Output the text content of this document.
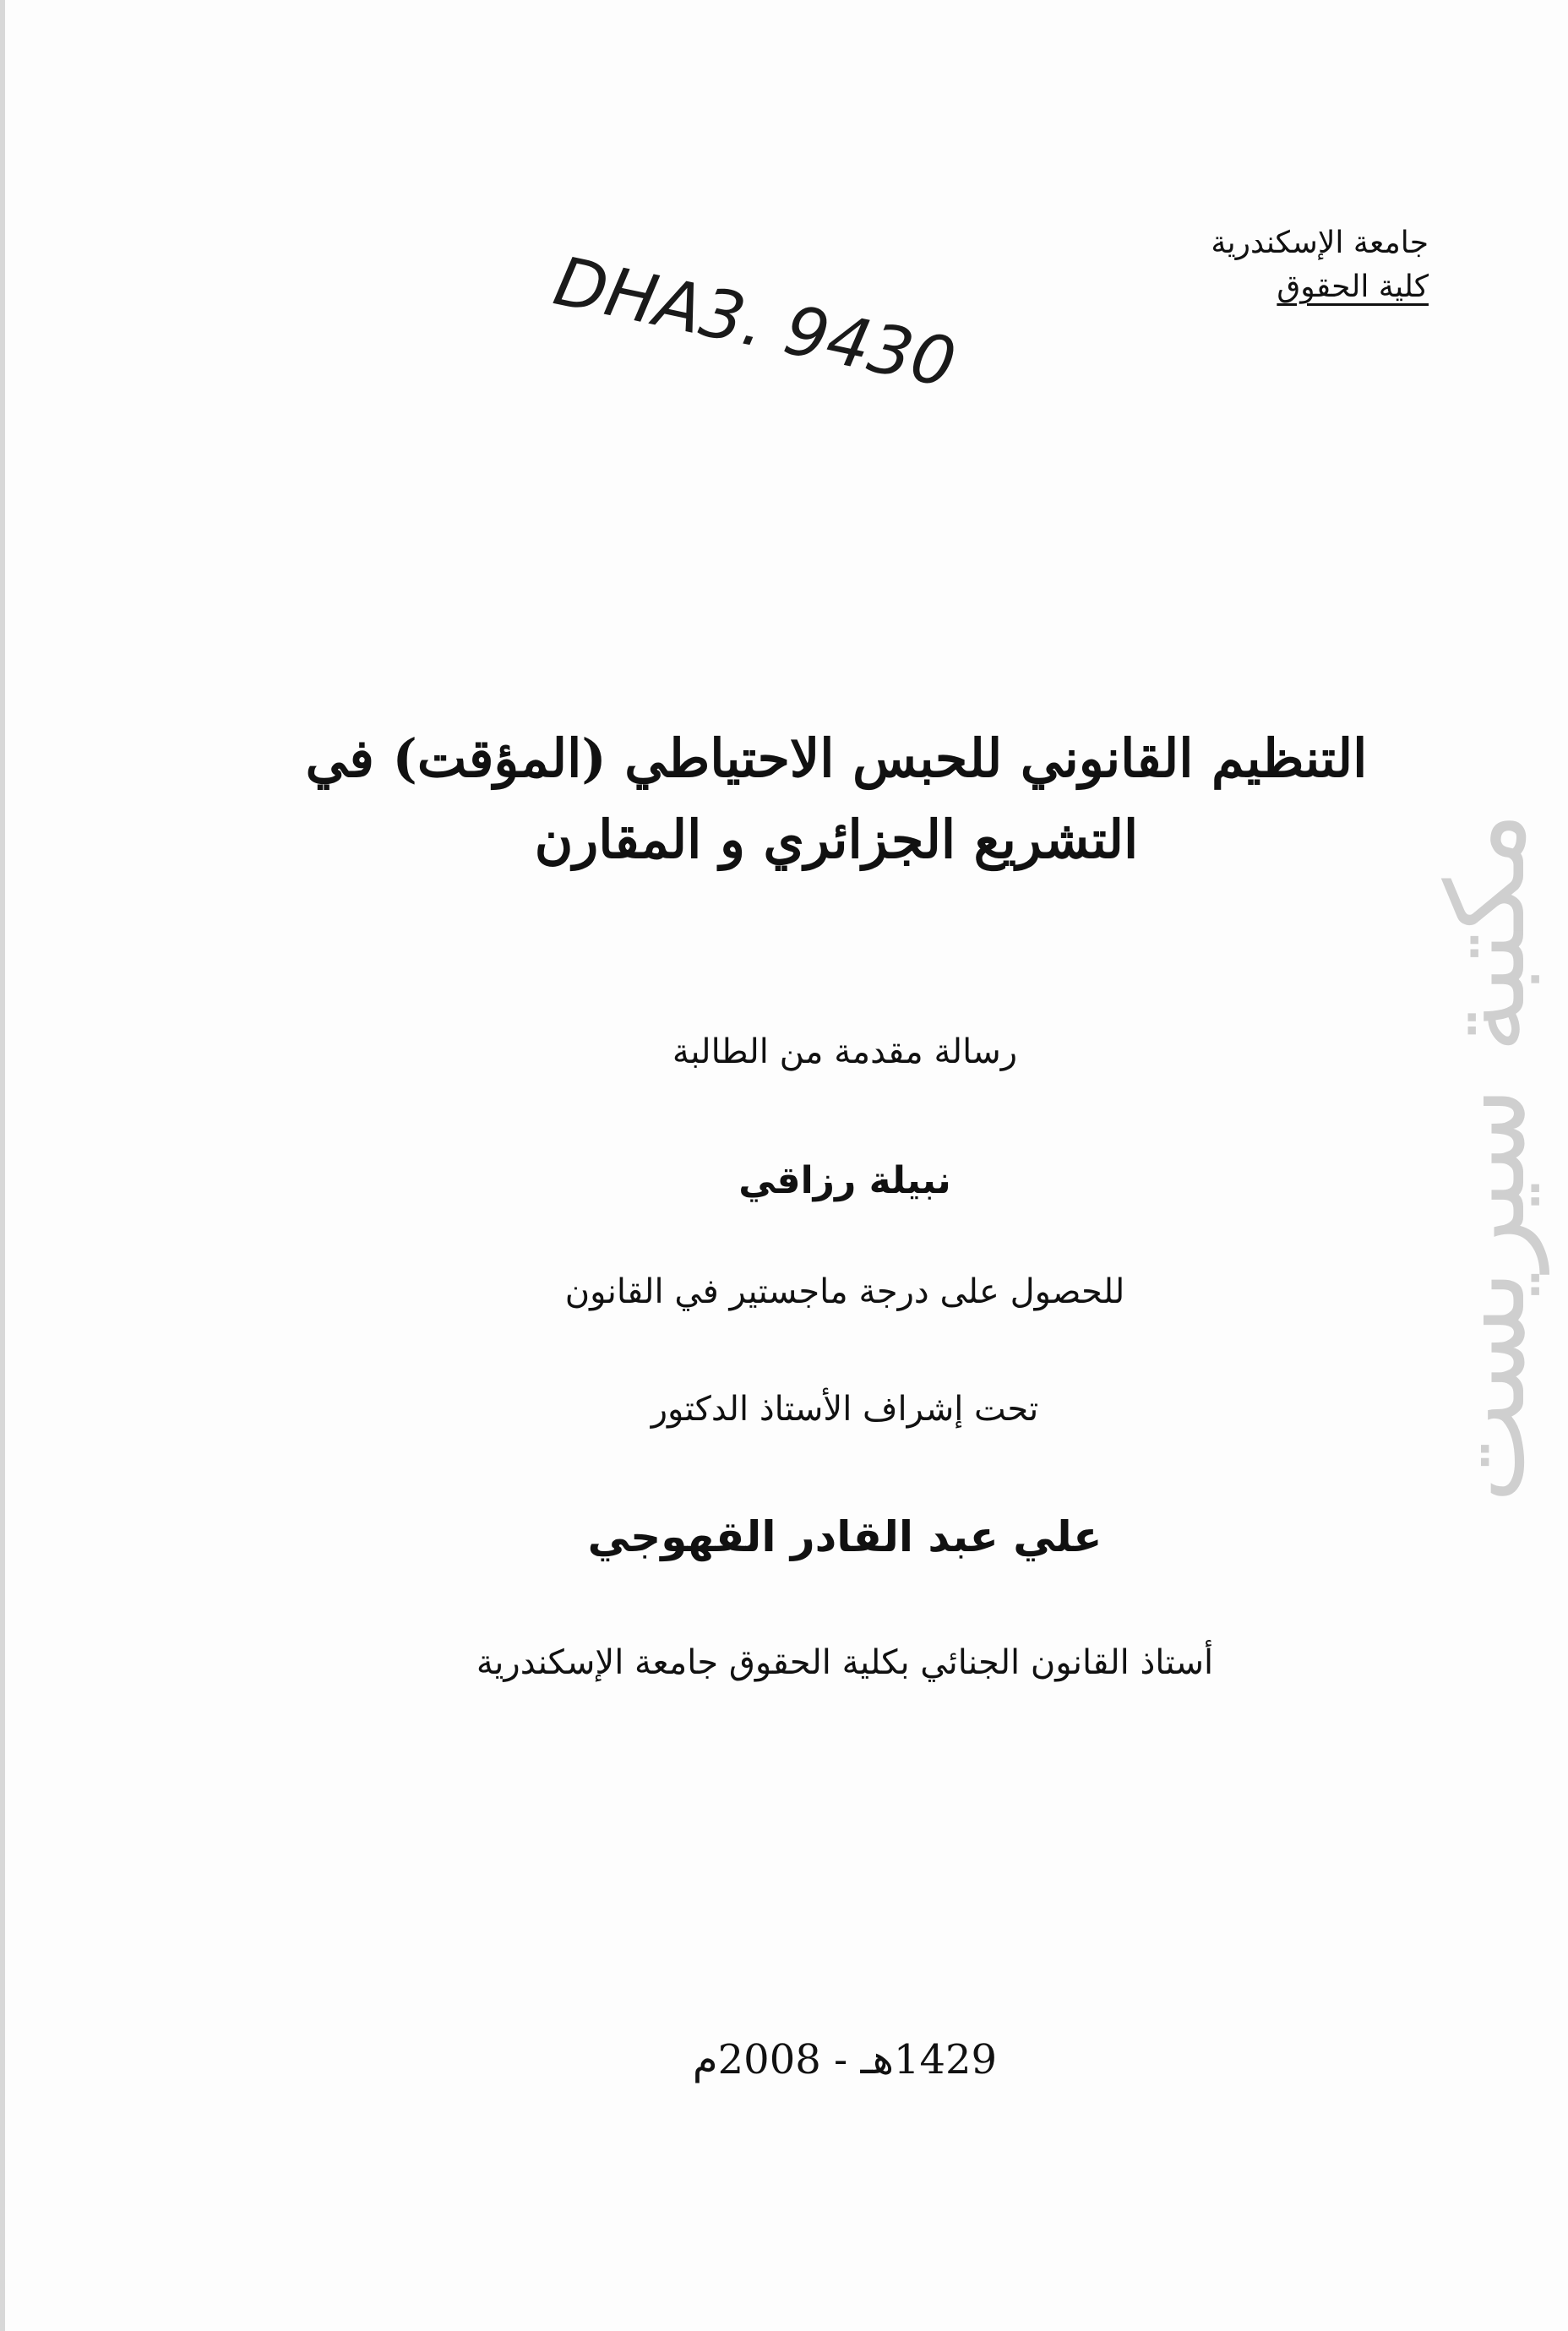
جامعة الإسكندرية
كلية الحقوق
DHA3. 9430
التنظيم القانوني للحبس الاحتياطي (المؤقت) في
التشريع الجزائري و المقارن
رسالة مقدمة من الطالبة
نبيلة رزاقي
للحصول على درجة ماجستير في القانون
تحت إشراف الأستاذ الدكتور
علي عبد القادر القهوجي
أستاذ القانون الجنائي بكلية الحقوق جامعة الإسكندرية
1429هـ - 2008م
مكتبة سيريست
